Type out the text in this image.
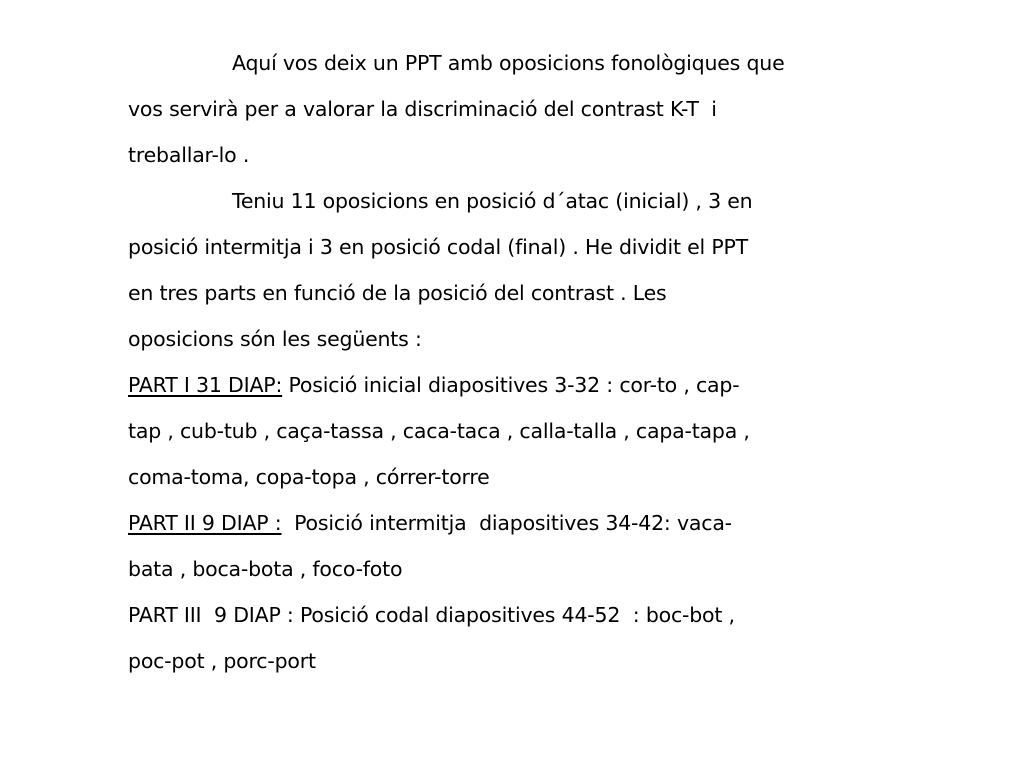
Aquí vos deix un PPT amb oposicions fonològiques que
vos servirà per a valorar la discriminació del contrast K-T  i
treballar-lo .
Teniu 11 oposicions en posició d´atac (inicial) , 3 en
posició intermitja i 3 en posició codal (final) . He dividit el PPT
en tres parts en funció de la posició del contrast . Les
oposicions són les següents :
PART I 31 DIAP: Posició inicial diapositives 3-32 : cor-to , cap-
tap , cub-tub , caça-tassa , caca-taca , calla-talla , capa-tapa ,
coma-toma, copa-topa , córrer-torre
PART II 9 DIAP :  Posició intermitja  diapositives 34-42: vaca-
bata , boca-bota , foco-foto
PART III  9 DIAP : Posició codal diapositives 44-52  : boc-bot ,
poc-pot , porc-port
